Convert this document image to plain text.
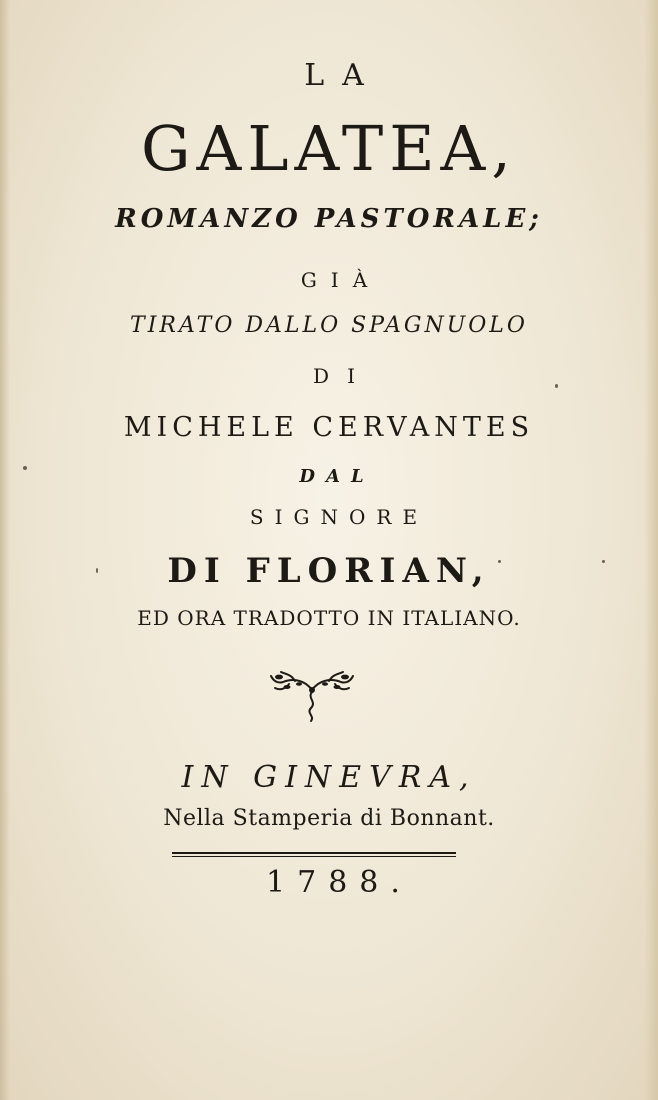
LA
GALATEA,
ROMANZO PASTORALE;
GIÀ
TIRATO DALLO SPAGNUOLO
DI
MICHELE CERVANTES
DAL
SIGNORE
DI FLORIAN,
ED ORA TRADOTTO IN ITALIANO.
IN GINEVRA,
Nella Stamperia di Bonnant.
1788.
